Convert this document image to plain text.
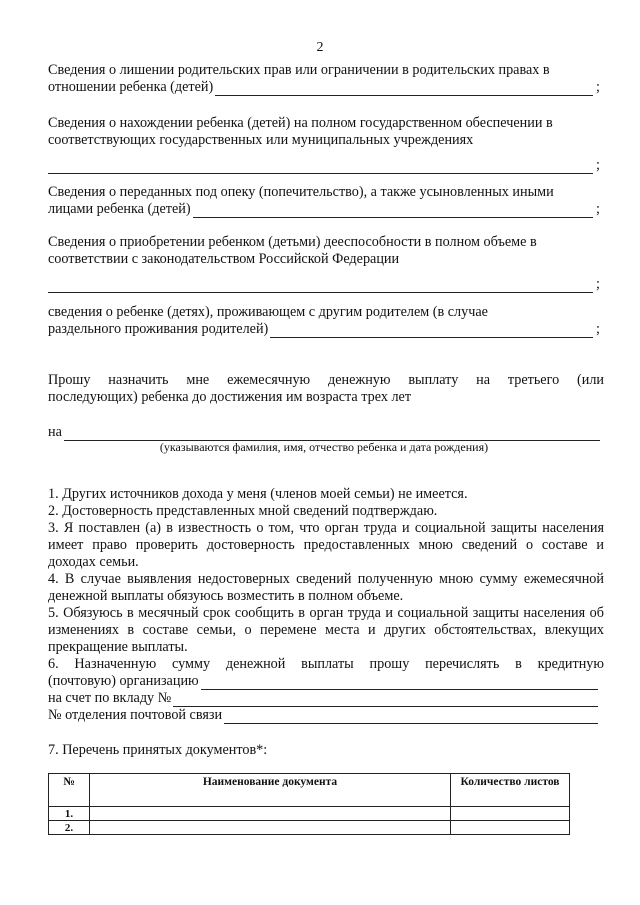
2
Сведения о лишении родительских прав или ограничении в родительских правах в
отношении ребенка (детей)	;
Сведения о нахождении ребенка (детей) на полном государственном обеспечении в
соответствующих государственных или муниципальных учреждениях
;
Сведения о переданных под опеку (попечительство), а также усыновленных иными
лицами ребенка (детей)	;
Сведения о приобретении ребенком (детьми) дееспособности в полном объеме в
соответствии с законодательством Российской Федерации
;
сведения о ребенке (детях), проживающем с другим родителем (в случае
раздельного проживания родителей)	;
Прошу назначить мне ежемесячную денежную выплату на третьего (или
последующих) ребенка до достижения им возраста трех лет
на
(указываются фамилия, имя, отчество ребенка и дата рождения)

1. Других источников дохода у меня (членов моей семьи) не имеется.

2. Достоверность представленных мной сведений подтверждаю.

3. Я поставлен (а) в известность о том, что орган труда и социальной защиты населения имеет право проверить достоверность предоставленных мною сведений о составе и доходах семьи.

4. В случае выявления недостоверных сведений полученную мною сумму ежемесячной денежной выплаты обязуюсь возместить в полном объеме.

5. Обязуюсь в месячный срок сообщить в орган труда и социальной защиты населения об изменениях в составе семьи, о перемене места и других обстоятельствах, влекущих прекращение выплаты.

6. Назначенную сумму денежной выплаты прошу перечислять в кредитную

(почтовую) организацию
на счет по вкладу №
№ отделения почтовой связи

7. Перечень принятых документов*:

№	Наименование документа	Количество листов
1.		
2.		
